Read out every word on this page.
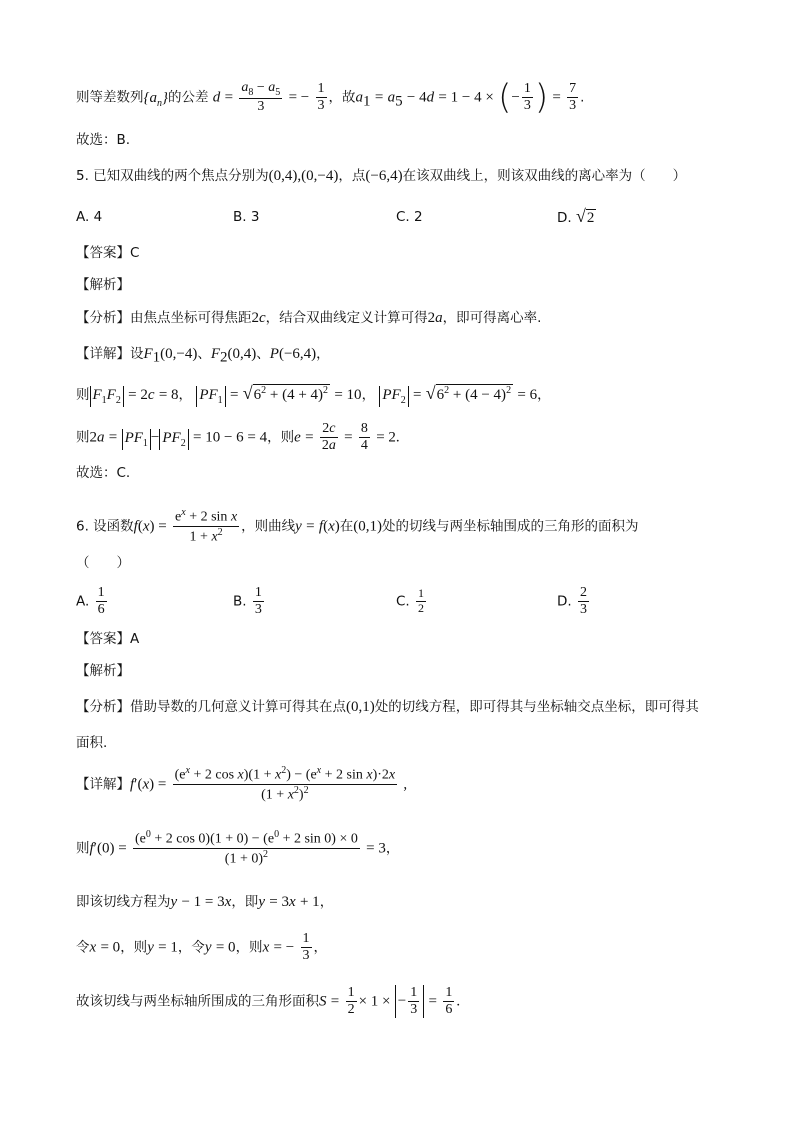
则等差数列$\{a_n\}$的公差 $d = \frac{a_8 - a_5}{3}$ = − $\frac{1}{3}$ ，故$a_1 = a_5 - 4d = 1 - 4$ × (− $\frac{1}{3}$ ) = $\frac{7}{3}$ .
故选：B.
5. 已知双曲线的两个焦点分别为(0,4),(0,−4)，点(−6,4)在该双曲线上，则该双曲线的离心率为（　　）
A. 4	B. 3	C. 2	D. √2
【答案】C
【解析】
【分析】由焦点坐标可得焦距2c，结合双曲线定义计算可得2a，即可得离心率.
【详解】设$F_1(0,-4)$、$F_2(0,4)$、P(−6,4)，
则 $F_1F_2 = 2c = 8$， $PF_1 = √6^2 + (4 + 4)^2 = 10$， $PF_2 = √6^2 + (4 - 4)^2 = 6$，
则$2a = PF_1 - PF_2 = 10 - 6 = 4$，则$e = \frac{2c}{2a} = \frac{8}{4} = 2$.
故选：C.
6. 设函数$f(x) = \frac{e^x + 2 \sin x}{1 + x^2}$ ，则曲线y = f(x)在(0,1)处的切线与两坐标轴围成的三角形的面积为
（　　）
A. $\frac{1}{6}$	B. $\frac{1}{3}$	C. $\frac{1}{2}$	D. $\frac{2}{3}$
【答案】A
【解析】
【分析】借助导数的几何意义计算可得其在点(0,1)处的切线方程，即可得其与坐标轴交点坐标，即可得其
面积.
【详解】$f'(x) = \frac{(e^x + 2 \cos x)(1 + x^2) - (e^x + 2 \sin x)\cdot 2x}{(1 + x^2)^2}$ ,
则$f'(0) = \frac{(e^0 + 2 \cos 0)(1 + 0) - (e^0 + 2 \sin 0) \times 0}{(1 + 0)^2} = 3$，
即该切线方程为y − 1 = 3x，即y = 3x + 1，
令x = 0，则y = 1，令y = 0，则x = − $\frac{1}{3}$ ，
故该切线与两坐标轴所围成的三角形面积$S = \frac{1}{2} \times 1$ × − $\frac{1}{3} = \frac{1}{6}$ .
